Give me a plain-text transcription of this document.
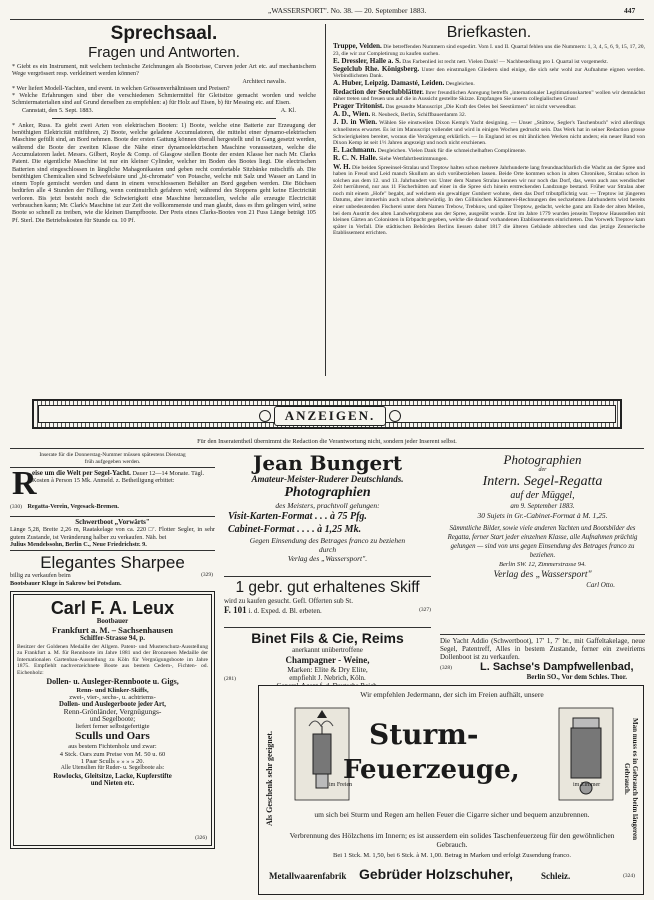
„WASSERSPORT". No. 38. — 20. September 1883.	447
Sprechsaal.
Fragen und Antworten.

* Giebt es ein Instrument, mit welchem technische Zeichnungen als Bootsrisse, Curven jeder Art etc. auf mechanischem Wege vergrössert resp. verkleinert werden können?

Architect navalis.

* Wer liefert Modell-Yachten, und event. in welchen Grössenverhältnissen und Preisen?

* Welche Erfahrungen sind über die verschiedenen Schmiermittel für Gleitsitze gemacht worden und welche Schmiermaterialien sind auf Grund derselben zu empfehlen: a) für Holz auf Eisen, b) für Messing etc. auf Eisen.

Cannstatt, den 5. Sept. 1883.	A. Kl.

* Anker, Russ. Es giebt zwei Arten von elektrischen Booten: 1) Boote, welche eine Batterie zur Erzeugung der benöthigten Elektricität mitführen, 2) Boote, welche geladene Accumulatoren, die mittelst einer dynamo-elektrischen Maschine gefüllt sind, an Bord nehmen. Boote der ersten Gattung können überall hergestellt und in Gang gesetzt werden, während die Boote der zweiten Klasse die Nähe einer dynamoelektrischen Maschine voraussetzen, welche die Accumulatoren ladet. Messrs. Gilbert, Royle & Comp. of Glasgow stellen Boote der ersten Klasse her nach Mr. Clarks Patent. Die eigentliche Maschine ist nur ein kleiner Cylinder, welcher im Boden des Bootes liegt. Die electrischen Batterien sind eingeschlossen in längliche Mahagonikasten und geben recht comfortable Sitzbänke mitschiffs ab. Die benöthigten Chemicalien sind Schwefelsäure und „bi-chromate" von Potasche, welche mit Salz und Wasser an Land in einem Topfe gemischt werden und dann in einem verschlossenen Behälter an Bord gegeben werden. Die Büchsen bedürfen alle 4 Stunden der Füllung, wenn continuirlich gefahren wird; während des Stoppens geht keine Electricität verloren. Bis jetzt besteht noch die Schwierigkeit eine Maschine herzustellen, welche alle erzeugte Electricität verbrauchen kann; Mr. Clark's Maschine ist zur Zeit die vollkommenste und man glaubt, dass es ihm gelingen wird, seine Boote so schnell zu treiben, wie die kleinen Dampfboote. Der Preis eines Clarks-Bootes von 21 Fuss Länge beträgt 105 Pf. Sterl. Die Betriebskosten für Stunde ca. 10 Pf.

Briefkasten.

Truppe, Velden. Die betreffenden Nummern sind expedirt. Vom I. und II. Quartal fehlen uns die Nummern: 1, 3, 4, 5, 6, 9, 15, 17, 20, 23, die wir zur Completirung zu kaufen suchen.

E. Dressler, Halle a. S. Das Farbenlied ist recht nett. Vielen Dank! — Nachbestellung pro I. Quartal ist vorgemerkt.

Segelclub Rhe. Königsberg. Unter den einstmaligen Gliedern sind einige, die sich sehr wohl zur Aufnahme eignen werden. Verbindlichsten Dank.

A. Huber, Leipzig. Damasté, Leiden. Desgleichen.

Redaction der Seeclubblätter. Ihrer freundlichen Anregung betreffs „internationaler Legitimationskarten" wollen wir demnächst näher treten und freuen uns auf die in Aussicht gestellte Skizze. Empfangen Sie unsern collegialischen Gruss!

Prager Tritonist. Das gesandte Manuscript „Die Kraft des Oeles bei Seestürmen" ist nicht verwendbar.

A. D., Wien. R. Neubeck, Berlin, Schiffbauerdamm 32.

J. D. in Wien. Wählen Sie einstweilen Dixon Kemp's Yacht designing. — Unser „Stüttow, Segler's Taschenbuch" wird allerdings schnellstens erwartet. Es ist im Manuscript vollendet und wird in einigen Wochen gedruckt sein. Das Werk hat in seiner Redaction grosse Schwierigkeiten bereitet, woraus die Verzögerung erklärlich. — In England ist es mit ähnlichen Werken nicht anders; ein neuer Band von Dixon Kemp ist seit 1½ Jahren angezeigt und noch nicht erschienen.

E. Lachmann. Desgleichen. Vielen Dank für die schmeichelhaften Complimente.

R. C. N. Halle. Siehe Wettfahrtbestimmungen.

W. H. Die beiden Spreeinsel-Stralau und Treptow halten schon mehrere Jahrhunderte lang freundnachbarlich die Wacht an der Spree und haben in Freud und Leid manch Skullum an sich vorüberziehen lassen. Beide Orte kommen schon in alten Chroniken, Stralau schon in solchen aus dem 12. und 13. Jahrhundert vor. Unter dem Namen Stralau kennen wir nur noch das Dorf, das, wenn auch aus wendischer Zeit herrührend, nur aus 11 Fischerhütten auf einer in die Spree sich hinein erstreckenden Landzunge bestand. Früher war Stralau aber noch mit einem „Hofe" begabt, auf welchem ein gewaltiger Gutsherr wohnte, dem das Dorf tributpflichtig war. — Treptow ist jüngeren Datums, aber immerhin auch schon altehrwürdig. In den Cöllnischen Kämmerei-Rechnungen des sechzehnten Jahrhunderts wird bereits einer unbedeutenden Fischerei unter dem Namen Trebow, Trebkow, und später Treptow, gedacht, welche ganz am Ende der alten Meilen, bei dem Austritt des alten Landwehrgrabens aus der Spree, ausgeübt wurde. Erst im Jahre 1779 wurden jenseits Treptow Hausstellen mit kleinen Gärten an Colonisten in Erbpacht gegeben, welche die darauf vorhandenen Etablissements einrichteten. Das Vorwerk Treptow kam später in Verfall. Die städtischen Behörden Berlins liessen daher 1817 die älteren Gebäude abbrechen und das jetzige Zennerische Etablissement errichten.

ANZEIGEN.
Für den Inseratentheil übernimmt die Redaction die Verantwortung nicht, sondern jeder Inserent selbst.
Inserate für die Donnerstag-Nummer müssen spätestens Dienstag früh aufgegeben werden.
R
eise um die Welt per Segel-Yacht. Dauer 12—14 Monate. Tägl. Kosten à Person 15 Mk. Anmeld. z. Betheiligung erbittet:
(330) Regatta-Verein, Vegesack-Bremen.
Schwertboot „Vorwärts"

Länge 5,28, Breite 2,26 m, Raatakelage von ca. 220 □′. Flotter Segler, in sehr gutem Zustande, ist Veränderung halber zu verkaufen. Näh. bei

Julius Mendelssohn, Berlin C., Neue Friedrichstr. 9.

Elegantes Sharpee

billig zu verkaufen beim	(329)

Bootsbauer Kluge in Sakrow bei Potsdam.

Carl F. A. Leux
Bootbauer
Frankfurt a. M. – Sachsenhausen
Schiffer-Strasse 94, p.

Besitzer der Goldenen Medaille der Allgem. Patent- und Musterschutz-Ausstellung zu Frankfurt a. M. für Rennboote im Jahre 1881 und der Bronzenen Medaille der Internationalen Gartenbau-Ausstellung zu Köln für Vergnügungsboote im Jahre 1875. Empfiehlt nachverzeichnete Boote aus bestem Cedern-, Fichten- od. Eichenholz:

Dollen- u. Ausleger-Rennboote u. Gigs,
Renn- und Klinker-Skiffs,
zwei-, vier-, sechs-, u. achtriems-
Dollen- und Auslegerboote jeder Art,
Renn-Grönländer, Vergnügungs-
und Segelboote;
liefert ferner selbstgefertigte
Sculls und Oars
aus bestem Fichtenholz und zwar:
4 Stck. Oars zum Preise von M. 50 u. 60
1 Paar Sculls » » » » 20.
Alle Utensilien für Ruder- u. Segelboote als:
Rowlocks, Gleitsitze, Lacke, Kupferstifte
und Nieten etc.
(326)
Jean Bungert
Amateur-Meister-Ruderer Deutschlands.
Photographien
des Meisters, prachtvoll gelungen:
Visit-Karten-Format . . . à 75 Pfg.
Cabinet-Format . . . . à 1,25 Mk.
Gegen Einsendung des Betrages franco zu beziehen durch
Verlag des „Wassersport".
1 gebr. gut erhaltenes Skiff
wird zu kaufen gesucht. Gefl. Offerten sub St.
F. 101 i. d. Exped. d. Bl. erbeten.	(327)
Binet Fils & Cie, Reims
anerkannt unübertroffene
Champagner - Weine,
Marken: Elite & Dry Elite,
empfiehlt J. Nebrich, Köln.
(281)
Photographien
der
Intern. Segel-Regatta
auf der Müggel,
am 9. September 1883.
30 Sujets in Gr.-Cabinet-Format à M. 1,25.
Sämmtliche Bilder, sowie viele anderen Yachten und Bootsbilder des Regatta, ferner Start jeder einzelnen Klasse, alle Aufnahmen prächtig gelungen — sind von uns gegen Einsendung des Betrages franco zu beziehen.
Berlin SW. 12, Zimmerstrasse 94.
Verlag des „Wassersport"
Carl Otto.

Die Yacht Addio (Schwertboot), 17′ 1, 7′ br., mit Gaffeltakelage, neue Segel, Patentreff, Alles in bestem Zustande, ferner ein zweiriems Dollenboot ist zu verkaufen.

(328)	L. Sachse's Dampfwellenbad,
Berlin SO., Vor dem Schles. Thor.
Wir empfehlen Jedermann, der sich im Freien aufhält, unsere
Als Geschenk sehr geeignet.	Man muss es in Gebrauch beim längeren Gebrauch.
im Freien
Sturm-
Feuerzeuge,	im Zimmer
um sich bei Sturm und Regen am hellen Feuer die Cigarre sicher und bequem anzubrennen.
Verbrennung des Hölzchens im Innern; es ist ausserdem ein solides Taschenfeuerzeug für den gewöhnlichen Gebrauch.
Bei 1 Stck. M. 1,50, bei 6 Stck. à M. 1,00. Betrag in Marken und erfolgt Zusendung franco.
Metallwaarenfabrik Gebrüder Holzschuher,	Schleiz.	(324)
